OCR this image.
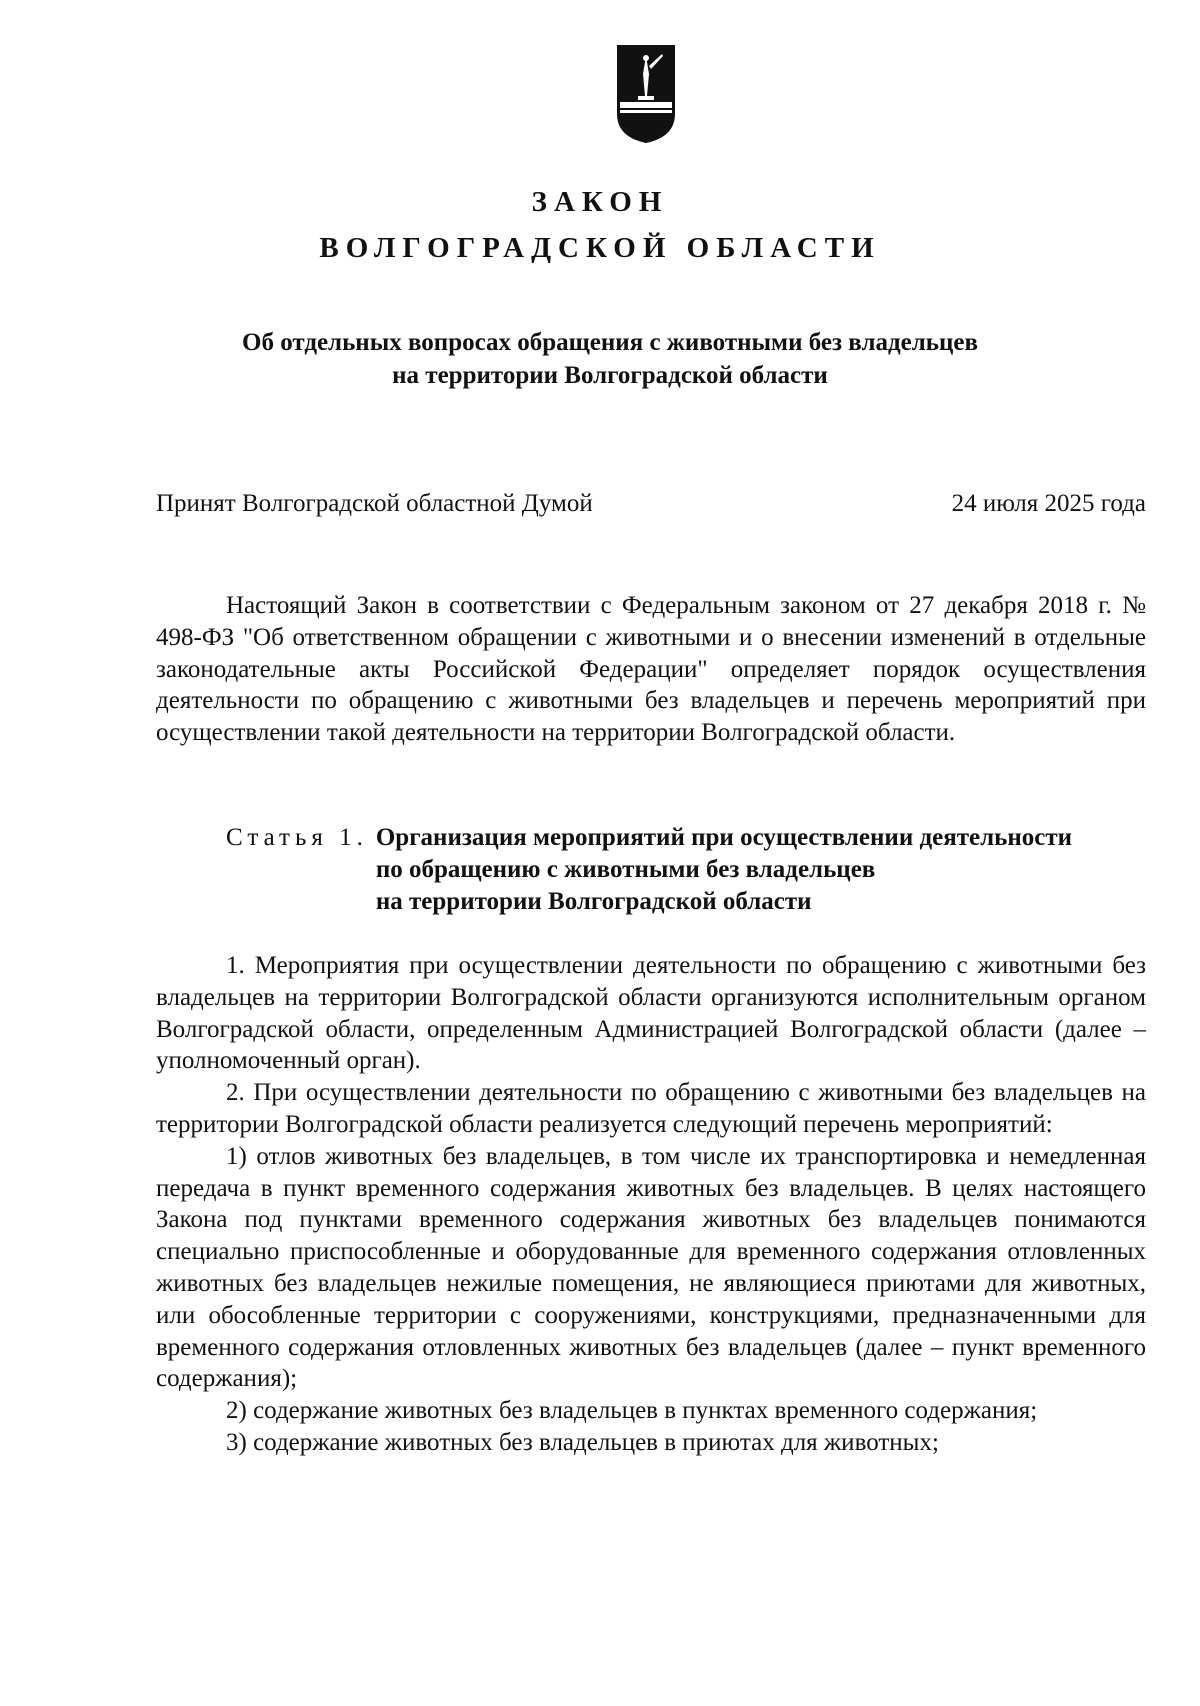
ЗАКОН
ВОЛГОГРАДСКОЙ ОБЛАСТИ
Об отдельных вопросах обращения с животными без владельцев
на территории Волгоградской области
Принят Волгоградской областной Думой	24 июля 2025 года

Настоящий Закон в соответствии с Федеральным законом от 27 декабря 2018 г. № 498-ФЗ "Об ответственном обращении с животными и о внесении изменений в отдельные законодательные акты Российской Федерации" определяет порядок осуществления деятельности по обращению с животными без владельцев и перечень мероприятий при осуществлении такой деятельности на территории Волгоградской области.

Статья 1. Организация мероприятий при осуществлении деятельности
по обращению с животными без владельцев
на территории Волгоградской области

1. Мероприятия при осуществлении деятельности по обращению с животными без владельцев на территории Волгоградской области организуются исполнительным органом Волгоградской области, определенным Администрацией Волгоградской области (далее – уполномоченный орган).

2. При осуществлении деятельности по обращению с животными без владельцев на территории Волгоградской области реализуется следующий перечень мероприятий:

1) отлов животных без владельцев, в том числе их транспортировка и немедленная передача в пункт временного содержания животных без владельцев. В целях настоящего Закона под пунктами временного содержания животных без владельцев понимаются специально приспособленные и оборудованные для временного содержания отловленных животных без владельцев нежилые помещения, не являющиеся приютами для животных, или обособленные территории с сооружениями, конструкциями, предназначенными для временного содержания отловленных животных без владельцев (далее – пункт временного содержания);

2) содержание животных без владельцев в пунктах временного содержания;

3) содержание животных без владельцев в приютах для животных;
